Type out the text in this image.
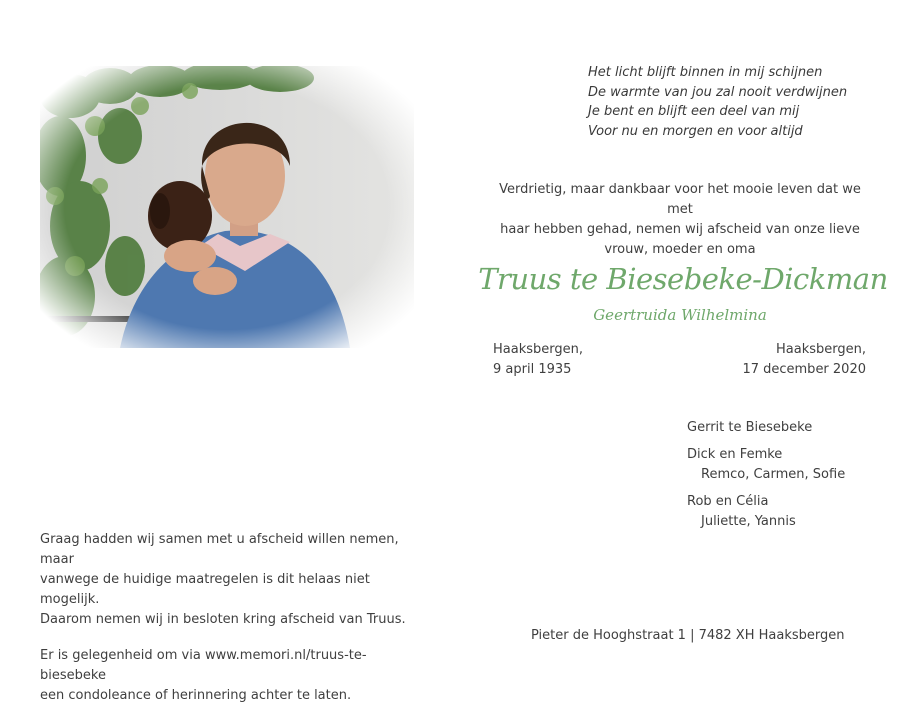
Het licht blijft binnen in mij schijnen
De warmte van jou zal nooit verdwijnen
Je bent en blijft een deel van mij
Voor nu en morgen en voor altijd
Verdrietig, maar dankbaar voor het mooie leven dat we met
haar hebben gehad, nemen wij afscheid van onze lieve
vrouw, moeder en oma
Truus te Biesebeke-Dickman
Geertruida Wilhelmina
Haaksbergen,
9 april 1935
Haaksbergen,
17 december 2020
Gerrit te Biesebeke
Dick en Femke
Remco, Carmen, Sofie
Rob en Célia
Juliette, Yannis

Graag hadden wij samen met u afscheid willen nemen, maar
vanwege de huidige maatregelen is dit helaas niet mogelijk.
Daarom nemen wij in besloten kring afscheid van Truus.

Er is gelegenheid om via www.memori.nl/truus-te-biesebeke
een condoleance of herinnering achter te laten.

Pieter de Hooghstraat 1 | 7482 XH Haaksbergen
